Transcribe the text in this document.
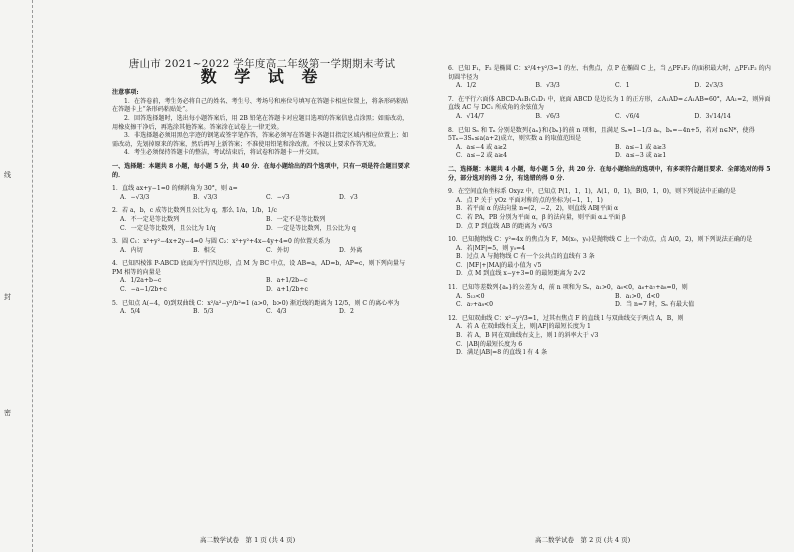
线
封
密
唐山市 2021~2022 学年度高二年级第一学期期末考试
数 学 试 卷
注意事项:
1．在答卷前，考生务必将自己的姓名、考生号、考场号和座位号填写在答题卡相应位置上，将条形码粘贴在答题卡上“条形码粘贴处”。
2．回答选择题时，选出每小题答案后，用 2B 铅笔在答题卡对应题目选项的答案信息点涂黑；如需改动，用橡皮擦干净后，再选涂其他答案。答案涂在试卷上一律无效。
3．非选择题必须用黑色字迹的钢笔或签字笔作答，答案必须写在答题卡各题目指定区域内相应位置上；如需改动，先划掉原来的答案，然后再写上新答案；不准使用铅笔和涂改液。不按以上要求作答无效。
4．考生必须保持答题卡的整洁，考试结束后，将试卷和答题卡一并交回。
一、选择题：本题共 8 小题，每小题 5 分，共 40 分．在每小题给出的四个选项中，只有一项是符合题目要求的．
1．直线 ax+y−1=0 的倾斜角为 30°，则 a=
A．−√3/3	B．√3/3	C．−√3	D．√3
2．若 a，b，c 成等比数列且公比为 q，那么 1/a，1/b，1/c
A．不一定是等比数列	B．一定不是等比数列
C．一定是等比数列，且公比为 1/q	D．一定是等比数列，且公比为 q
3．圆 C₁：x²+y²−4x+2y−4=0 与圆 C₂：x²+y²+4x−4y+4=0 的位置关系为
A．内切	B．相交	C．外切	D．外离
4．已知四棱锥 P-ABCD 底面为平行四边形，点 M 为 BC 中点，设 AB=a，AD=b，AP=c，则下列向量与 PM 相等的向量是
A．1/2a+b−c	B．a+1/2b−c
C．−a−1/2b+c	D．a+1/2b+c
5．已知点 A(−4，0)到双曲线 C：x²/a²−y²/b²=1 (a>0，b>0) 渐近线的距离为 12/5，则 C 的离心率为
A．5/4	B．5/3	C．4/3	D．2
6．已知 F₁，F₂ 是椭圆 C：x²/4+y²/3=1 的左、右焦点，点 P 在椭圆 C 上，当 △PF₁F₂ 的面积最大时，△PF₁F₂ 的内切圆半径为
A．1/2	B．√3/3	C．1	D．2√3/3
7．在平行六面体 ABCD-A₁B₁C₁D₁ 中，底面 ABCD 是边长为 1 的正方形，∠A₁AD=∠A₁AB=60°，AA₁=2，则异面直线 AC 与 DC₁ 所成角的余弦值为
A．√14/7	B．√6/3	C．√6/4	D．3√14/14
8．已知 Sₙ 和 Tₙ 分别是数列{aₙ}和{bₙ}的前 n 项和，且满足 Sₙ=1−1/3 aₙ，bₙ=−4n+5，若对 n∈N*，使得 5Tₙ−3Sₙ≤a(a+2)成立，则实数 a 的取值范围是
A．a≤−4 或 a≥2	B．a≤−1 或 a≥3
C．a≤−2 或 a≥4	D．a≤−3 或 a≥1
二、选择题：本题共 4 小题，每小题 5 分，共 20 分．在每小题给出的选项中，有多项符合题目要求．全部选对的得 5 分，部分选对的得 2 分，有选错的得 0 分．
9．在空间直角坐标系 Oxyz 中，已知点 P(1，1，1)，A(1，0，1)，B(0，1，0)，则下列说法中正确的是
A．点 P 关于 yOz 平面对称的点的坐标为(−1，1，1)
B．若平面 α 的法向量 n=(2，−2，2)，则直线 AB∥平面 α
C．若 PA，PB 分别为平面 α，β 的法向量，则平面 α⊥平面 β
D．点 P 到直线 AB 的距离为 √6/3
10．已知抛物线 C：y²=4x 的焦点为 F，M(x₀，y₀)是抛物线 C 上一个动点，点 A(0，2)，则下列说法正确的是
A．若|MF|=5，则 y₀=4
B．过点 A 与抛物线 C 有一个公共点的直线有 3 条
C．|MF|+|MA|的最小值为 √5
D．点 M 到直线 x−y+3=0 的最短距离为 2√2
11．已知等差数列{aₙ}的公差为 d，前 n 项和为 Sₙ，a₁>0，a₆<0，a₆+a₇+a₈=0，则
A．S₁₃<0	B．a₁>0，d<0
C．a₇+a₈<0	D．当 n=7 时，Sₙ 有最大值
12．已知双曲线 C：x²−y²/3=1，过其右焦点 F 的直线 l 与双曲线交于两点 A，B，则
A．若 A 在双曲线右支上，则|AF|的最短长度为 1
B．若 A，B 同在双曲线右支上，则 l 的斜率大于 √3
C．|AB|的最短长度为 6
D．满足|AB|=8 的直线 l 有 4 条
高二数学试卷　第 1 页 (共 4 页)	高二数学试卷　第 2 页 (共 4 页)
